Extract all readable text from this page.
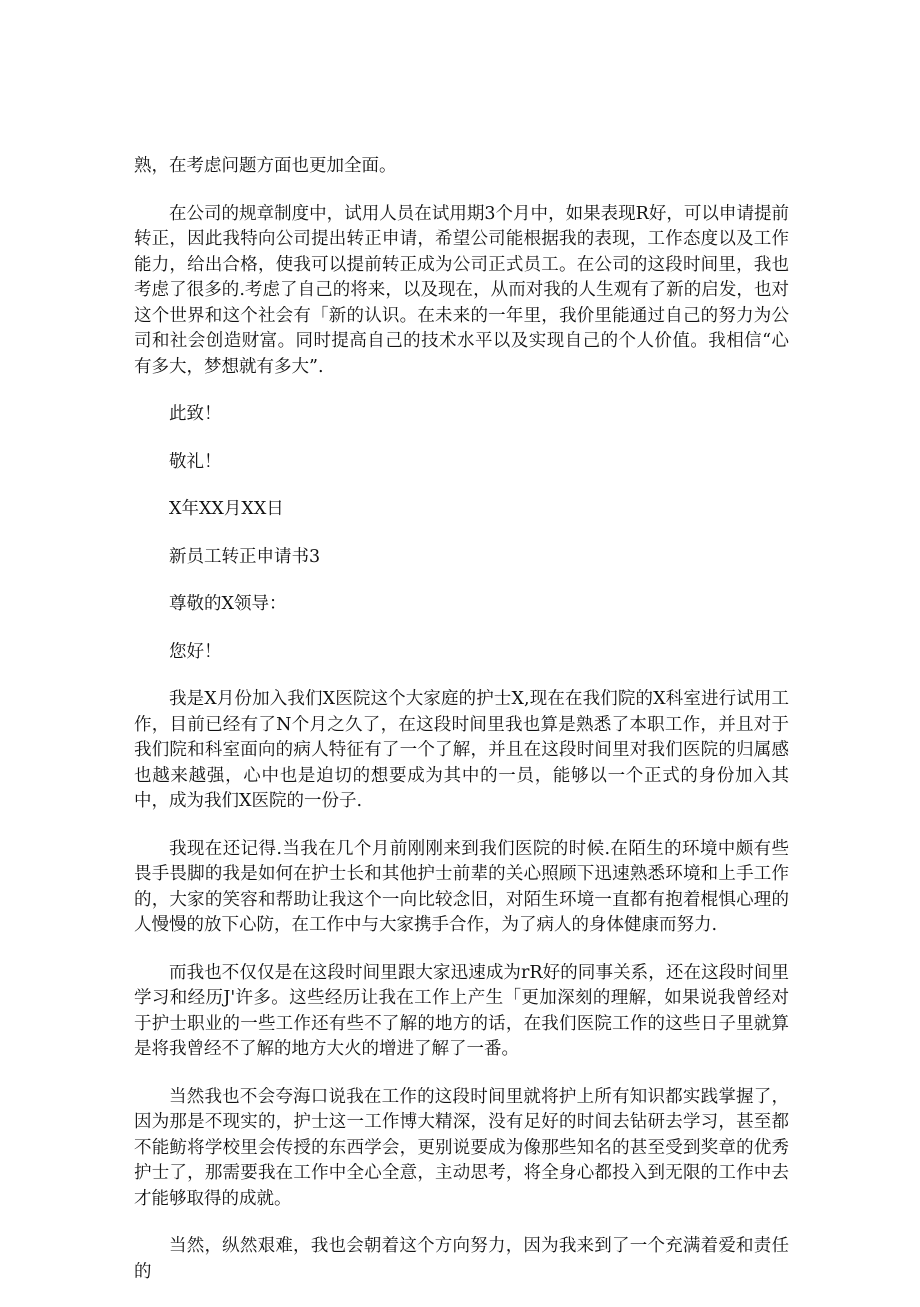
熟，在考虑问题方面也更加全面。

在公司的规章制度中，试用人员在试用期3个月中，如果表现R好，可以申请提前转正，因此我特向公司提出转正申请，希望公司能根据我的表现，工作态度以及工作能力，给出合格，使我可以提前转正成为公司正式员工。在公司的这段时间里，我也考虑了很多的.考虑了自己的将来，以及现在，从而对我的人生观有了新的启发，也对这个世界和这个社会有「新的认识。在未来的一年里，我价里能通过自己的努力为公司和社会创造财富。同时提高自己的技术水平以及实现自己的个人价值。我相信“心有多大，梦想就有多大”.

此致！

敬礼！

X年XX月XX日

新员工转正申请书3

尊敬的X领导：

您好！

我是X月份加入我们X医院这个大家庭的护士X,现在在我们院的X科室进行试用工作，目前已经有了N个月之久了，在这段时间里我也算是熟悉了本职工作，并且对于我们院和科室面向的病人特征有了一个了解，并且在这段时间里对我们医院的归属感也越来越强，心中也是迫切的想要成为其中的一员，能够以一个正式的身份加入其中，成为我们X医院的一份子.

我现在还记得.当我在几个月前刚刚来到我们医院的时候.在陌生的环境中颇有些畏手畏脚的我是如何在护士长和其他护士前辈的关心照顾下迅速熟悉环境和上手工作的，大家的笑容和帮助让我这个一向比较念旧，对陌生环境一直都有抱着棍惧心理的人慢慢的放下心防，在工作中与大家携手合作，为了病人的身体健康而努力.

而我也不仅仅是在这段时间里跟大家迅速成为rR好的同事关系，还在这段时间里学习和经历J'许多。这些经历让我在工作上产生「更加深刻的理解，如果说我曾经对于护士职业的一些工作还有些不了解的地方的话，在我们医院工作的这些日子里就算是将我曾经不了解的地方大火的增进了解了一番。

当然我也不会夸海口说我在工作的这段时间里就将护上所有知识都实践掌握了，因为那是不现实的，护士这一工作博大精深，没有足好的时间去钻研去学习，甚至都不能鲂将学校里会传授的东西学会，更别说要成为像那些知名的甚至受到奖章的优秀护士了，那需要我在工作中全心全意，主动思考，将全身心都投入到无限的工作中去才能够取得的成就。

当然，纵然艰难，我也会朝着这个方向努力，因为我来到了一个充满着爱和责任的
